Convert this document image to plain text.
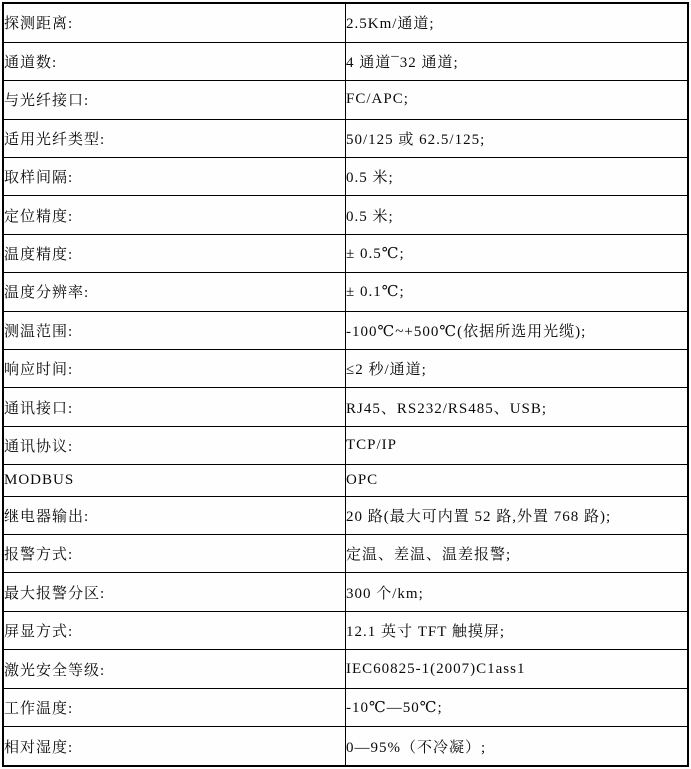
探测距离:	2.5Km/通道;
通道数:	4 通道¯32 通道;
与光纤接口:	FC/APC;
适用光纤类型:	50/125 或 62.5/125;
取样间隔:	0.5 米;
定位精度:	0.5 米;
温度精度:	± 0.5℃;
温度分辨率:	± 0.1℃;
测温范围:	-100℃~+500℃(依据所选用光缆);
响应时间:	≤2 秒/通道;
通讯接口:	RJ45、RS232/RS485、USB;
通讯协议:	TCP/IP
MODBUS	OPC
继电器输出:	20 路(最大可内置 52 路,外置 768 路);
报警方式:	定温、差温、温差报警;
最大报警分区:	300 个/km;
屏显方式:	12.1 英寸 TFT 触摸屏;
激光安全等级:	IEC60825-1(2007)C1ass1
工作温度:	-10℃—50℃;
相对湿度:	0—95%（不冷凝）;
